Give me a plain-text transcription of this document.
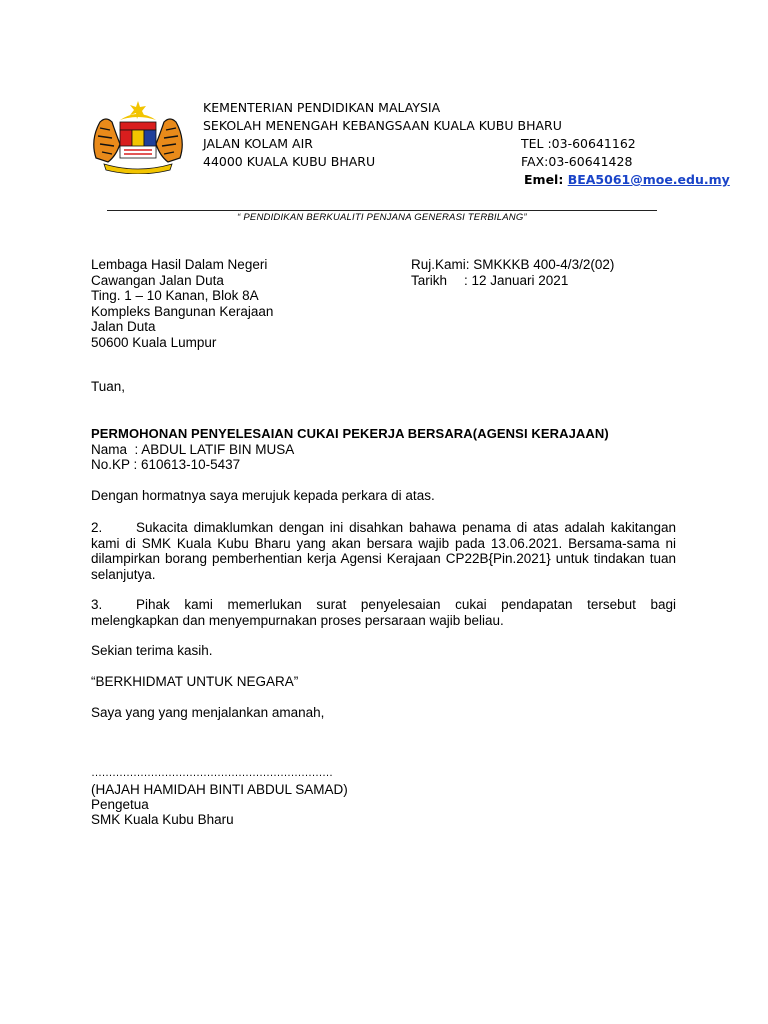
KEMENTERIAN PENDIDIKAN MALAYSIA
SEKOLAH MENENGAH KEBANGSAAN KUALA KUBU BHARU
JALAN KOLAM AIR
44000 KUALA KUBU BHARU
TEL :03-60641162
FAX:03-60641428
Emel: BEA5061@moe.edu.my
“ PENDIDIKAN BERKUALITI PENJANA GENERASI TERBILANG”
Lembaga Hasil Dalam Negeri
Cawangan Jalan Duta
Ting. 1 – 10 Kanan, Blok 8A
Kompleks Bangunan Kerajaan
Jalan Duta
50600 Kuala Lumpur
Ruj.Kami: SMKKKB 400-4/3/2(02)
Tarikh : 12 Januari 2021
Tuan,
PERMOHONAN PENYELESAIAN CUKAI PEKERJA BERSARA(AGENSI KERAJAAN)
Nama  : ABDUL LATIF BIN MUSA
No.KP : 610613-10-5437
Dengan hormatnya saya merujuk kepada perkara di atas.
2. Sukacita dimaklumkan dengan ini disahkan bahawa penama di atas adalah kakitangan kami di SMK Kuala Kubu Bharu yang akan bersara wajib pada 13.06.2021. Bersama-sama ni dilampirkan borang pemberhentian kerja Agensi Kerajaan CP22B{Pin.2021} untuk tindakan tuan selanjutya.
3. Pihak kami memerlukan surat penyelesaian cukai pendapatan tersebut bagi melengkapkan dan menyempurnakan proses persaraan wajib beliau.
Sekian terima kasih.
“BERKHIDMAT UNTUK NEGARA”
Saya yang yang menjalankan amanah,
……………………………………………………………
(HAJAH HAMIDAH BINTI ABDUL SAMAD)
Pengetua
SMK Kuala Kubu Bharu
